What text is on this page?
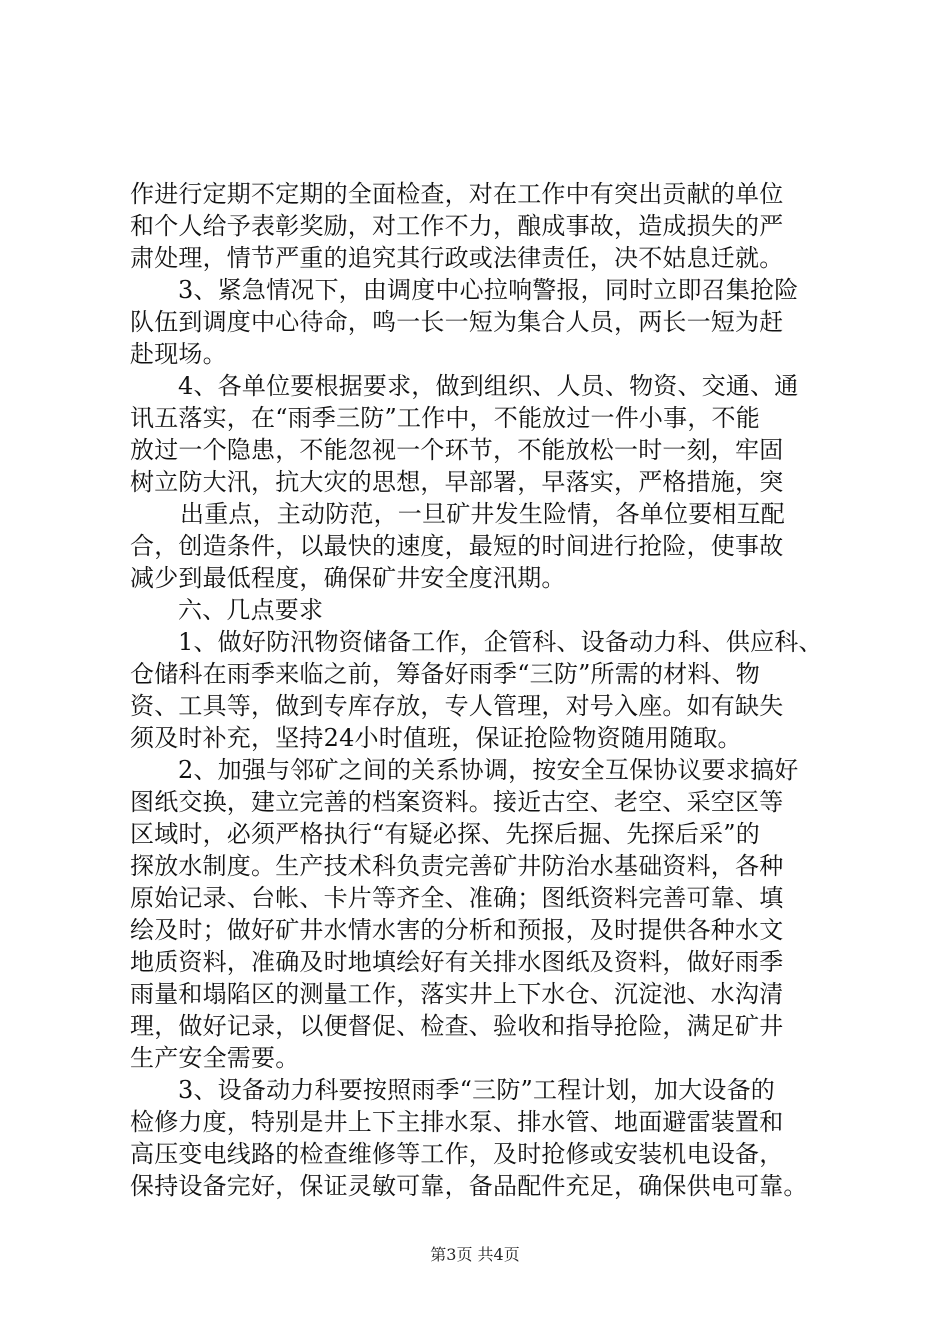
作进行定期不定期的全面检查，对在工作中有突出贡献的单位
和个人给予表彰奖励，对工作不力，酿成事故，造成损失的严
肃处理，情节严重的追究其行政或法律责任，决不姑息迁就。
3、紧急情况下，由调度中心拉响警报，同时立即召集抢险
队伍到调度中心待命，鸣一长一短为集合人员，两长一短为赶
赴现场。
4、各单位要根据要求，做到组织、人员、物资、交通、通
讯五落实，在“雨季三防”工作中，不能放过一件小事，不能
放过一个隐患，不能忽视一个环节，不能放松一时一刻，牢固
树立防大汛，抗大灾的思想，早部署，早落实，严格措施，突
出重点，主动防范，一旦矿井发生险情，各单位要相互配
合，创造条件，以最快的速度，最短的时间进行抢险，使事故
减少到最低程度，确保矿井安全度汛期。
六、几点要求
1、做好防汛物资储备工作，企管科、设备动力科、供应科、
仓储科在雨季来临之前，筹备好雨季“三防”所需的材料、物
资、工具等，做到专库存放，专人管理，对号入座。如有缺失
须及时补充，坚持24小时值班，保证抢险物资随用随取。
2、加强与邻矿之间的关系协调，按安全互保协议要求搞好
图纸交换，建立完善的档案资料。接近古空、老空、采空区等
区域时，必须严格执行“有疑必探、先探后掘、先探后采”的
探放水制度。生产技术科负责完善矿井防治水基础资料，各种
原始记录、台帐、卡片等齐全、准确；图纸资料完善可靠、填
绘及时；做好矿井水情水害的分析和预报，及时提供各种水文
地质资料，准确及时地填绘好有关排水图纸及资料，做好雨季
雨量和塌陷区的测量工作，落实井上下水仓、沉淀池、水沟清
理，做好记录，以便督促、检查、验收和指导抢险，满足矿井
生产安全需要。
3、设备动力科要按照雨季“三防”工程计划，加大设备的
检修力度，特别是井上下主排水泵、排水管、地面避雷装置和
高压变电线路的检查维修等工作，及时抢修或安装机电设备，
保持设备完好，保证灵敏可靠，备品配件充足，确保供电可靠。
第3页 共4页
